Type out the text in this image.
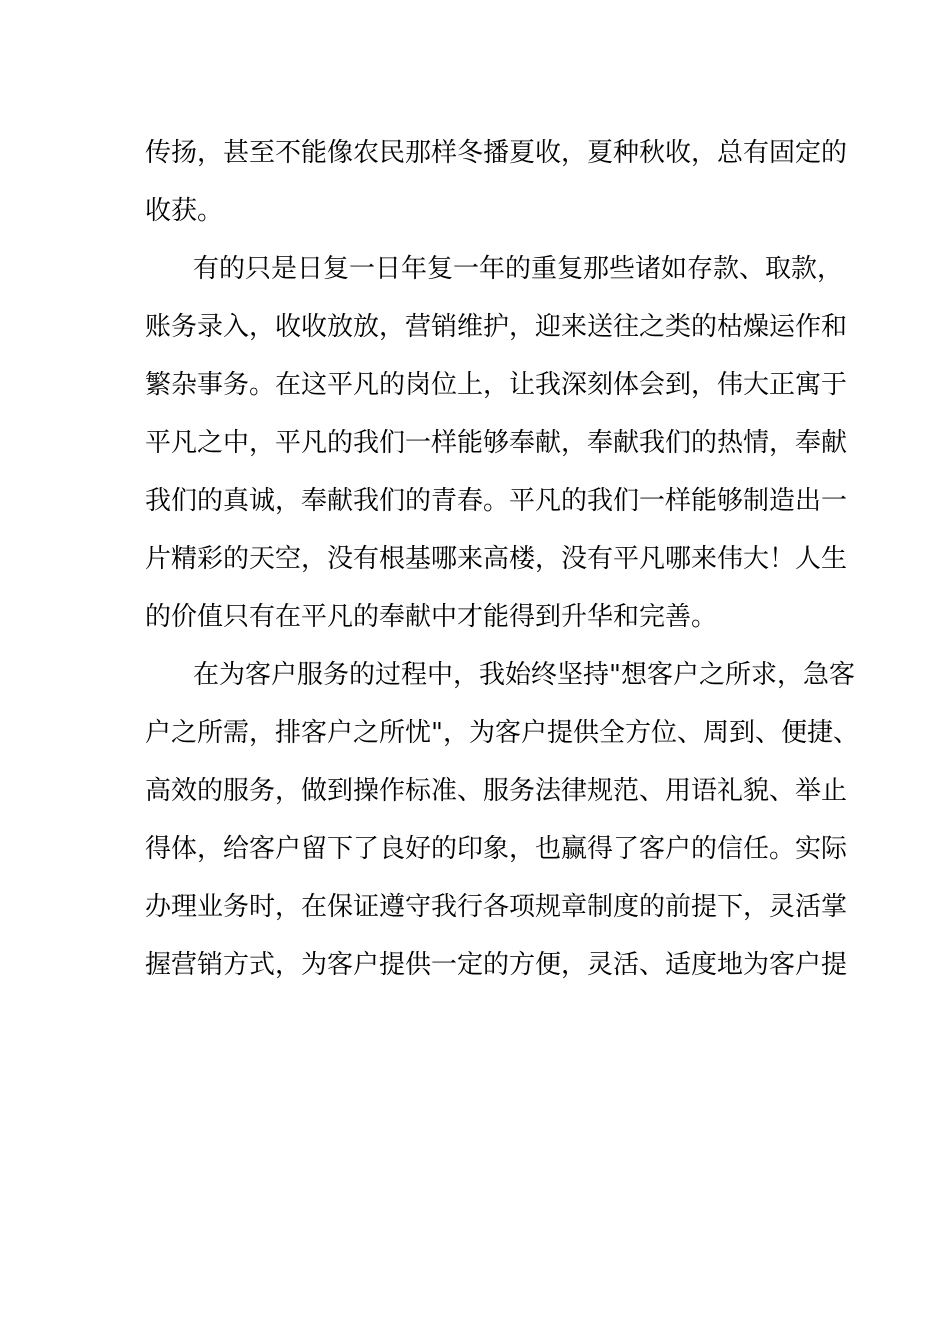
传扬，甚至不能像农民那样冬播夏收，夏种秋收，总有固定的
收获。
有的只是日复一日年复一年的重复那些诸如存款、取款，
账务录入，收收放放，营销维护，迎来送往之类的枯燥运作和
繁杂事务。在这平凡的岗位上，让我深刻体会到，伟大正寓于
平凡之中，平凡的我们一样能够奉献，奉献我们的热情，奉献
我们的真诚，奉献我们的青春。平凡的我们一样能够制造出一
片精彩的天空，没有根基哪来高楼，没有平凡哪来伟大！人生
的价值只有在平凡的奉献中才能得到升华和完善。
在为客户服务的过程中，我始终坚持"想客户之所求，急客
户之所需，排客户之所忧"，为客户提供全方位、周到、便捷、
高效的服务，做到操作标准、服务法律规范、用语礼貌、举止
得体，给客户留下了良好的印象，也赢得了客户的信任。实际
办理业务时，在保证遵守我行各项规章制度的前提下，灵活掌
握营销方式，为客户提供一定的方便，灵活、适度地为客户提
